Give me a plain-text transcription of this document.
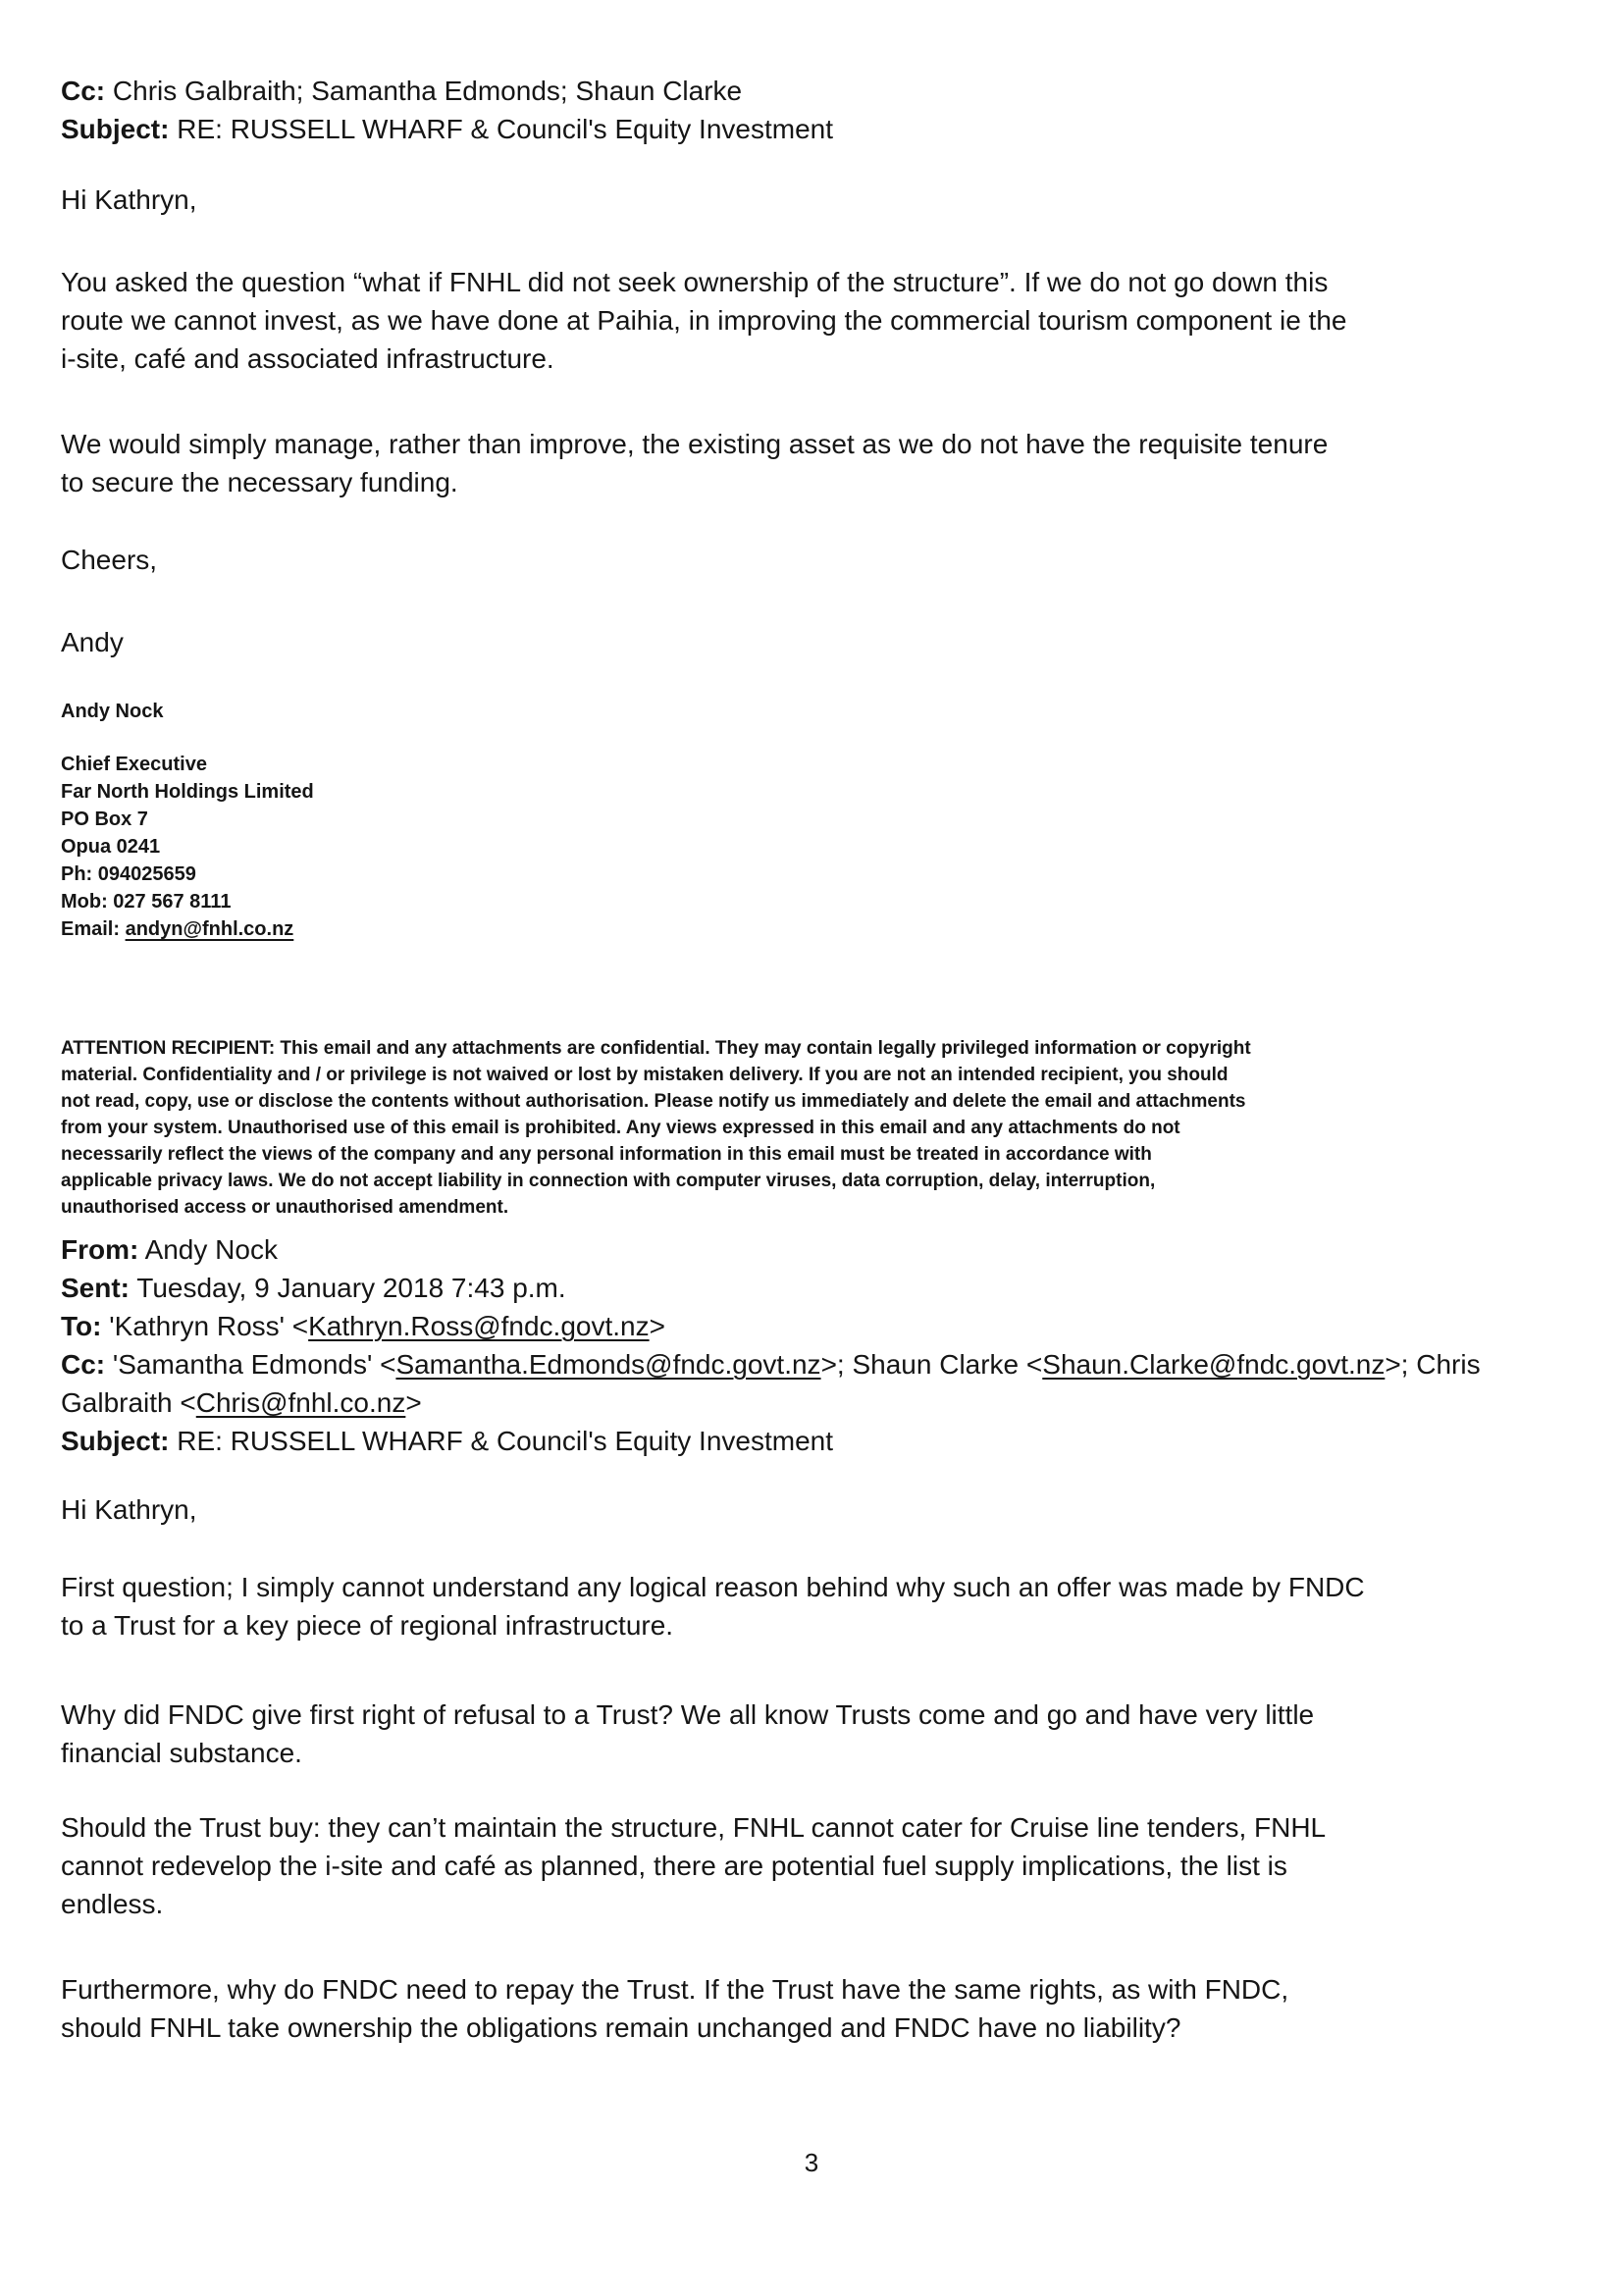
Cc: Chris Galbraith; Samantha Edmonds; Shaun Clarke

Subject: RE: RUSSELL WHARF & Council's Equity Investment

Hi Kathryn,

You asked the question “what if FNHL did not seek ownership of the structure”. If we do not go down this
route we cannot invest, as we have done at Paihia, in improving the commercial tourism component ie the
i-site, café and associated infrastructure.

We would simply manage, rather than improve, the existing asset as we do not have the requisite tenure
to secure the necessary funding.

Cheers,

Andy

Andy Nock

Chief Executive

Far North Holdings Limited

PO Box 7

Opua 0241

Ph: 094025659

Mob: 027 567 8111

Email: andyn@fnhl.co.nz

ATTENTION RECIPIENT: This email and any attachments are confidential. They may contain legally privileged information or copyright
material. Confidentiality and / or privilege is not waived or lost by mistaken delivery. If you are not an intended recipient, you should
not read, copy, use or disclose the contents without authorisation. Please notify us immediately and delete the email and attachments
from your system. Unauthorised use of this email is prohibited. Any views expressed in this email and any attachments do not
necessarily reflect the views of the company and any personal information in this email must be treated in accordance with
applicable privacy laws. We do not accept liability in connection with computer viruses, data corruption, delay, interruption,
unauthorised access or unauthorised amendment.

From: Andy Nock

Sent: Tuesday, 9 January 2018 7:43 p.m.

To: 'Kathryn Ross' <Kathryn.Ross@fndc.govt.nz>

Cc: 'Samantha Edmonds' <Samantha.Edmonds@fndc.govt.nz>; Shaun Clarke <Shaun.Clarke@fndc.govt.nz>; Chris
Galbraith <Chris@fnhl.co.nz>

Subject: RE: RUSSELL WHARF & Council's Equity Investment

Hi Kathryn,

First question; I simply cannot understand any logical reason behind why such an offer was made by FNDC
to a Trust for a key piece of regional infrastructure.

Why did FNDC give first right of refusal to a Trust? We all know Trusts come and go and have very little
financial substance.

Should the Trust buy: they can’t maintain the structure, FNHL cannot cater for Cruise line tenders, FNHL
cannot redevelop the i-site and café as planned, there are potential fuel supply implications, the list is
endless.

Furthermore, why do FNDC need to repay the Trust. If the Trust have the same rights, as with FNDC,
should FNHL take ownership the obligations remain unchanged and FNDC have no liability?

3
